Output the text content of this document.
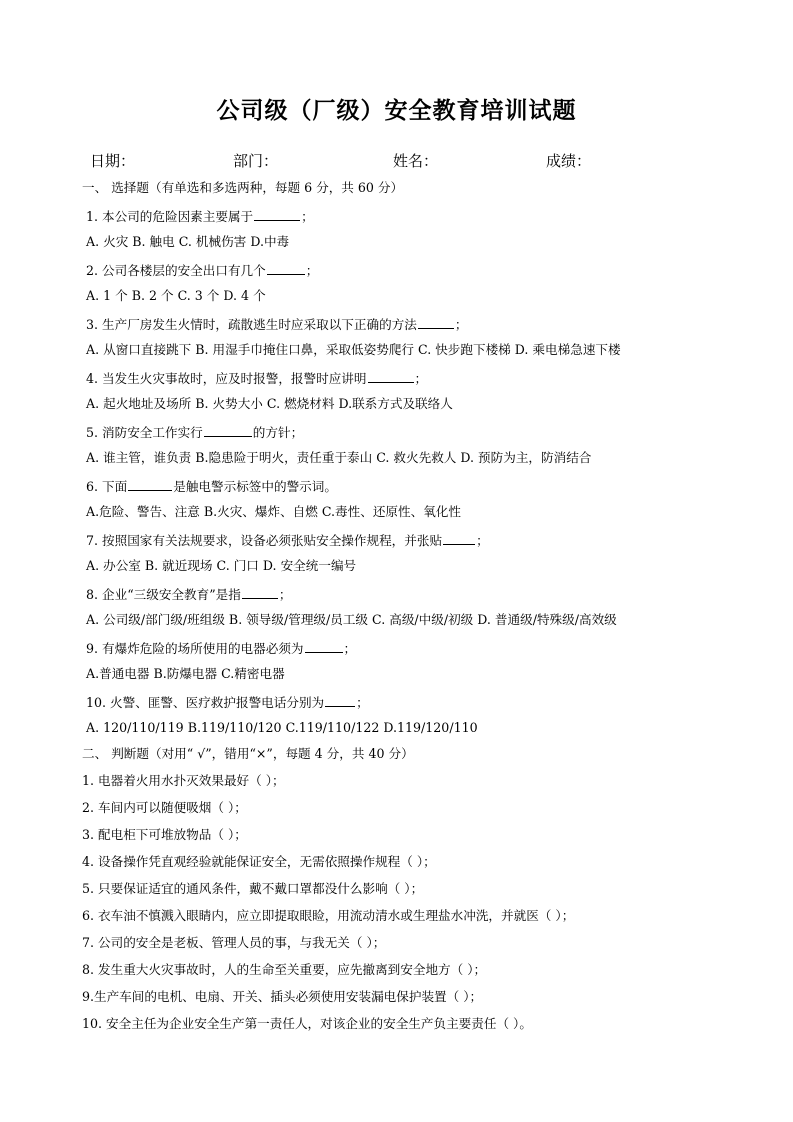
公司级（厂级）安全教育培训试题
日期：	部门：	姓名：	成绩：
一、 选择题（有单选和多选两种，每题 6 分，共 60 分）
1. 本公司的危险因素主要属于	；
A. 火灾 B. 触电 C. 机械伤害 D.中毒
2. 公司各楼层的安全出口有几个	；
A. 1 个 B. 2 个 C. 3 个 D. 4 个
3. 生产厂房发生火情时，疏散逃生时应采取以下正确的方法	；
A. 从窗口直接跳下 B. 用湿手巾掩住口鼻，采取低姿势爬行 C. 快步跑下楼梯 D. 乘电梯急速下楼
4. 当发生火灾事故时，应及时报警，报警时应讲明	；
A. 起火地址及场所 B. 火势大小 C. 燃烧材料 D.联系方式及联络人
5. 消防安全工作实行	的方针；
A. 谁主管，谁负责 B.隐患险于明火，责任重于泰山 C. 救火先救人 D. 预防为主，防消结合
6. 下面	是触电警示标签中的警示词。
A.危险、警告、注意 B.火灾、爆炸、自燃 C.毒性、还原性、氧化性
7. 按照国家有关法规要求，设备必须张贴安全操作规程，并张贴	；
A. 办公室 B. 就近现场 C. 门口 D. 安全统一编号
8. 企业“三级安全教育”是指	；
A. 公司级/部门级/班组级 B. 领导级/管理级/员工级 C. 高级/中级/初级 D. 普通级/特殊级/高效级
9. 有爆炸危险的场所使用的电器必须为	；
A.普通电器 B.防爆电器 C.精密电器
10. 火警、匪警、医疗救护报警电话分别为	；
A. 120/110/119 B.119/110/120 C.119/110/122 D.119/120/110
二、 判断题（对用“ √”，错用“×”，每题 4 分，共 40 分）
1. 电器着火用水扑灭效果最好（ ）；
2. 车间内可以随便吸烟（ ）；
3. 配电柜下可堆放物品（ ）；
4. 设备操作凭直观经验就能保证安全，无需依照操作规程（ ）；
5. 只要保证适宜的通风条件，戴不戴口罩都没什么影响（ ）；
6. 衣车油不慎溅入眼睛内，应立即提取眼睑，用流动清水或生理盐水冲洗，并就医（ ）；
7. 公司的安全是老板、管理人员的事，与我无关（ ）；
8. 发生重大火灾事故时，人的生命至关重要，应先撤离到安全地方（ ）；
9.生产车间的电机、电扇、开关、插头必须使用安装漏电保护装置（ ）；
10. 安全主任为企业安全生产第一责任人，对该企业的安全生产负主要责任（ ）。
